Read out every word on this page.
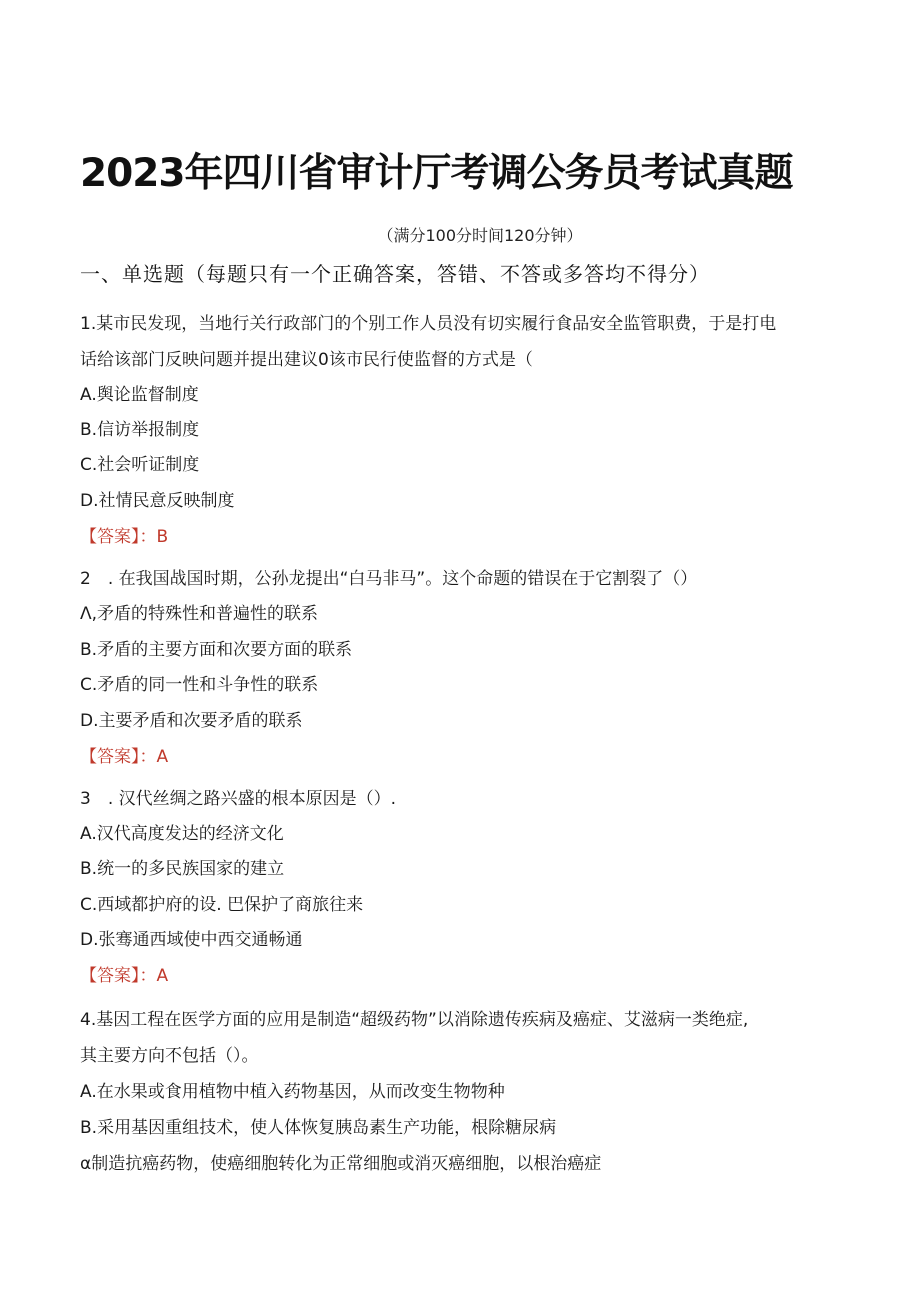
2023年四川省审计厅考调公务员考试真题
（满分100分时间120分钟）
一、单选题（每题只有一个正确答案，答错、不答或多答均不得分）
1.某市民发现，当地行关行政部门的个别工作人员没有切实履行食品安全监管职费，于是打电
话给该部门反映问题并提出建议0该市民行使监督的方式是（
A.舆论监督制度
B.信访举报制度
C.社会听证制度
D.社情民意反映制度
【答案】：B
2　. 在我国战国时期，公孙龙提出“白马非马”。这个命题的错误在于它割裂了（）
Λ,矛盾的特殊性和普遍性的联系
B.矛盾的主要方面和次要方面的联系
C.矛盾的同一性和斗争性的联系
D.主要矛盾和次要矛盾的联系
【答案】：A
3　. 汉代丝绸之路兴盛的根本原因是（）.
A.汉代高度发达的经济文化
B.统一的多民族国家的建立
C.西域都护府的设. 巴保护了商旅往来
D.张骞通西域使中西交通畅通
【答案】：A
4.基因工程在医学方面的应用是制造“超级药物”以消除遗传疾病及癌症、艾滋病一类绝症,
其主要方向不包括（）。
A.在水果或食用植物中植入药物基因，从而改变生物物种
B.采用基因重组技术，使人体恢复胰岛素生产功能，根除糖尿病
α制造抗癌药物，使癌细胞转化为正常细胞或消灭癌细胞，以根治癌症
